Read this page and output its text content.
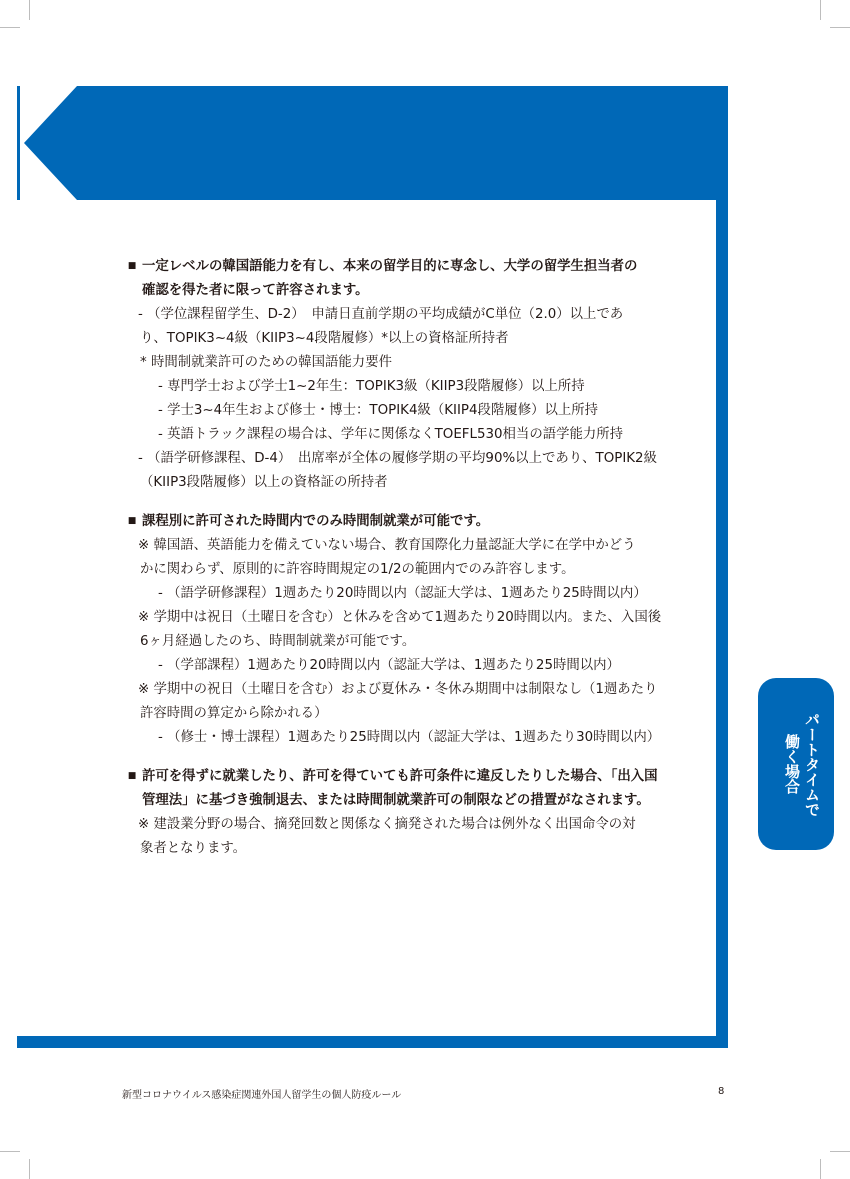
■ 一定レベルの韓国語能力を有し、本来の留学目的に専念し、大学の留学生担当者の
確認を得た者に限って許容されます。
- （学位課程留学生、D-2）　申請日直前学期の平均成績がC単位（2.0）以上であ
り、TOPIK3~4級（KIIP3~4段階履修）*以上の資格証所持者
* 時間制就業許可のための韓国語能力要件
- 専門学士および学士1~2年生：TOPIK3級（KIIP3段階履修）以上所持
- 学士3~4年生および修士・博士：TOPIK4級（KIIP4段階履修）以上所持
- 英語トラック課程の場合は、学年に関係なくTOEFL530相当の語学能力所持
- （語学研修課程、D-4）　出席率が全体の履修学期の平均90%以上であり、TOPIK2級
（KIIP3段階履修）以上の資格証の所持者
■ 課程別に許可された時間内でのみ時間制就業が可能です。
※ 韓国語、英語能力を備えていない場合、教育国際化力量認証大学に在学中かどう
かに関わらず、原則的に許容時間規定の1/2の範囲内でのみ許容します。
- （語学研修課程）1週あたり20時間以内（認証大学は、1週あたり25時間以内）
※ 学期中は祝日（土曜日を含む）と休みを含めて1週あたり20時間以内。また、入国後
6ヶ月経過したのち、時間制就業が可能です。
- （学部課程）1週あたり20時間以内（認証大学は、1週あたり25時間以内）
※ 学期中の祝日（土曜日を含む）および夏休み・冬休み期間中は制限なし（1週あたり
許容時間の算定から除かれる）
- （修士・博士課程）1週あたり25時間以内（認証大学は、1週あたり30時間以内）
■ 許可を得ずに就業したり、許可を得ていても許可条件に違反したりした場合、「出入国
管理法」に基づき強制退去、または時間制就業許可の制限などの措置がなされます。
※ 建設業分野の場合、摘発回数と関係なく摘発された場合は例外なく出国命令の対
象者となります。
パートタイムで
働く場合
新型コロナウイルス感染症関連外国人留学生の個人防疫ルール	8
